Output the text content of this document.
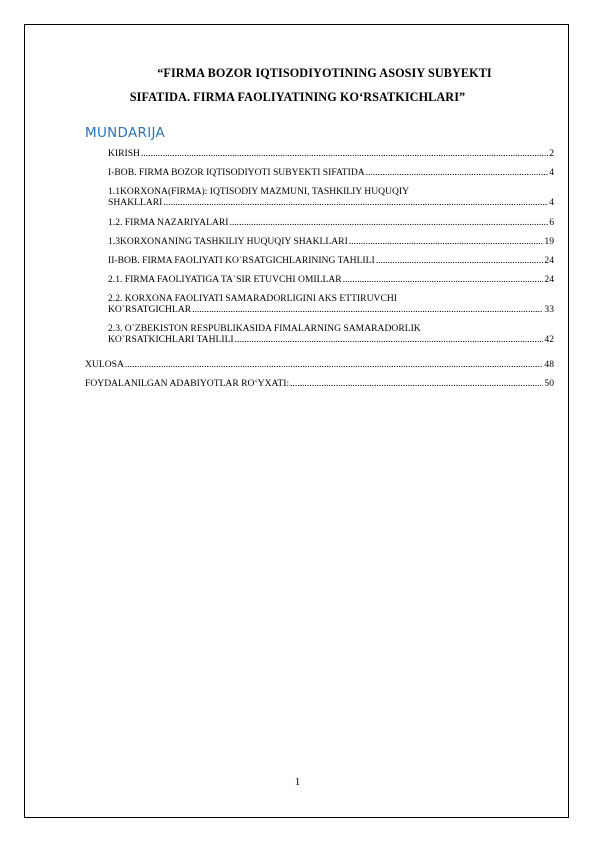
“FIRMA BOZOR IQTISODIYOTINING ASOSIY SUBYEKTI
SIFATIDA. FIRMA FAOLIYATINING KO‘RSATKICHLARI”
MUNDARIJA
KIRISH .....	2
I-BOB. FIRMA BOZOR IQTISODIYOTI SUBYEKTI SIFATIDA .....	4
1.1KORXONA(FIRMA): IQTISODIY MAZMUNI, TASHKILIY HUQUQIY
SHAKLLARI .....	4
1.2. FIRMA NAZARIYALARI .....	6
1.3KORXONANING TASHKILIY HUQUQIY SHAKLLARI .....	19
II-BOB. FIRMA FAOLIYATI KO`RSATGICHLARINING TAHLILI .....	24
2.1. FIRMA FAOLIYATIGA TA`SIR ETUVCHI OMILLAR .....	24
2.2. KORXONA FAOLIYATI SAMARADORLIGINI AKS ETTIRUVCHI
KO`RSATGICHLAR .....	33
2.3. O`ZBEKISTON RESPUBLIKASIDA FIMALARNING SAMARADORLIK
KO`RSATKICHLARI TAHLILI .....	42
XULOSA .....	48
FOYDALANILGAN ADABIYOTLAR RO‘YXATI: .....	50
1
